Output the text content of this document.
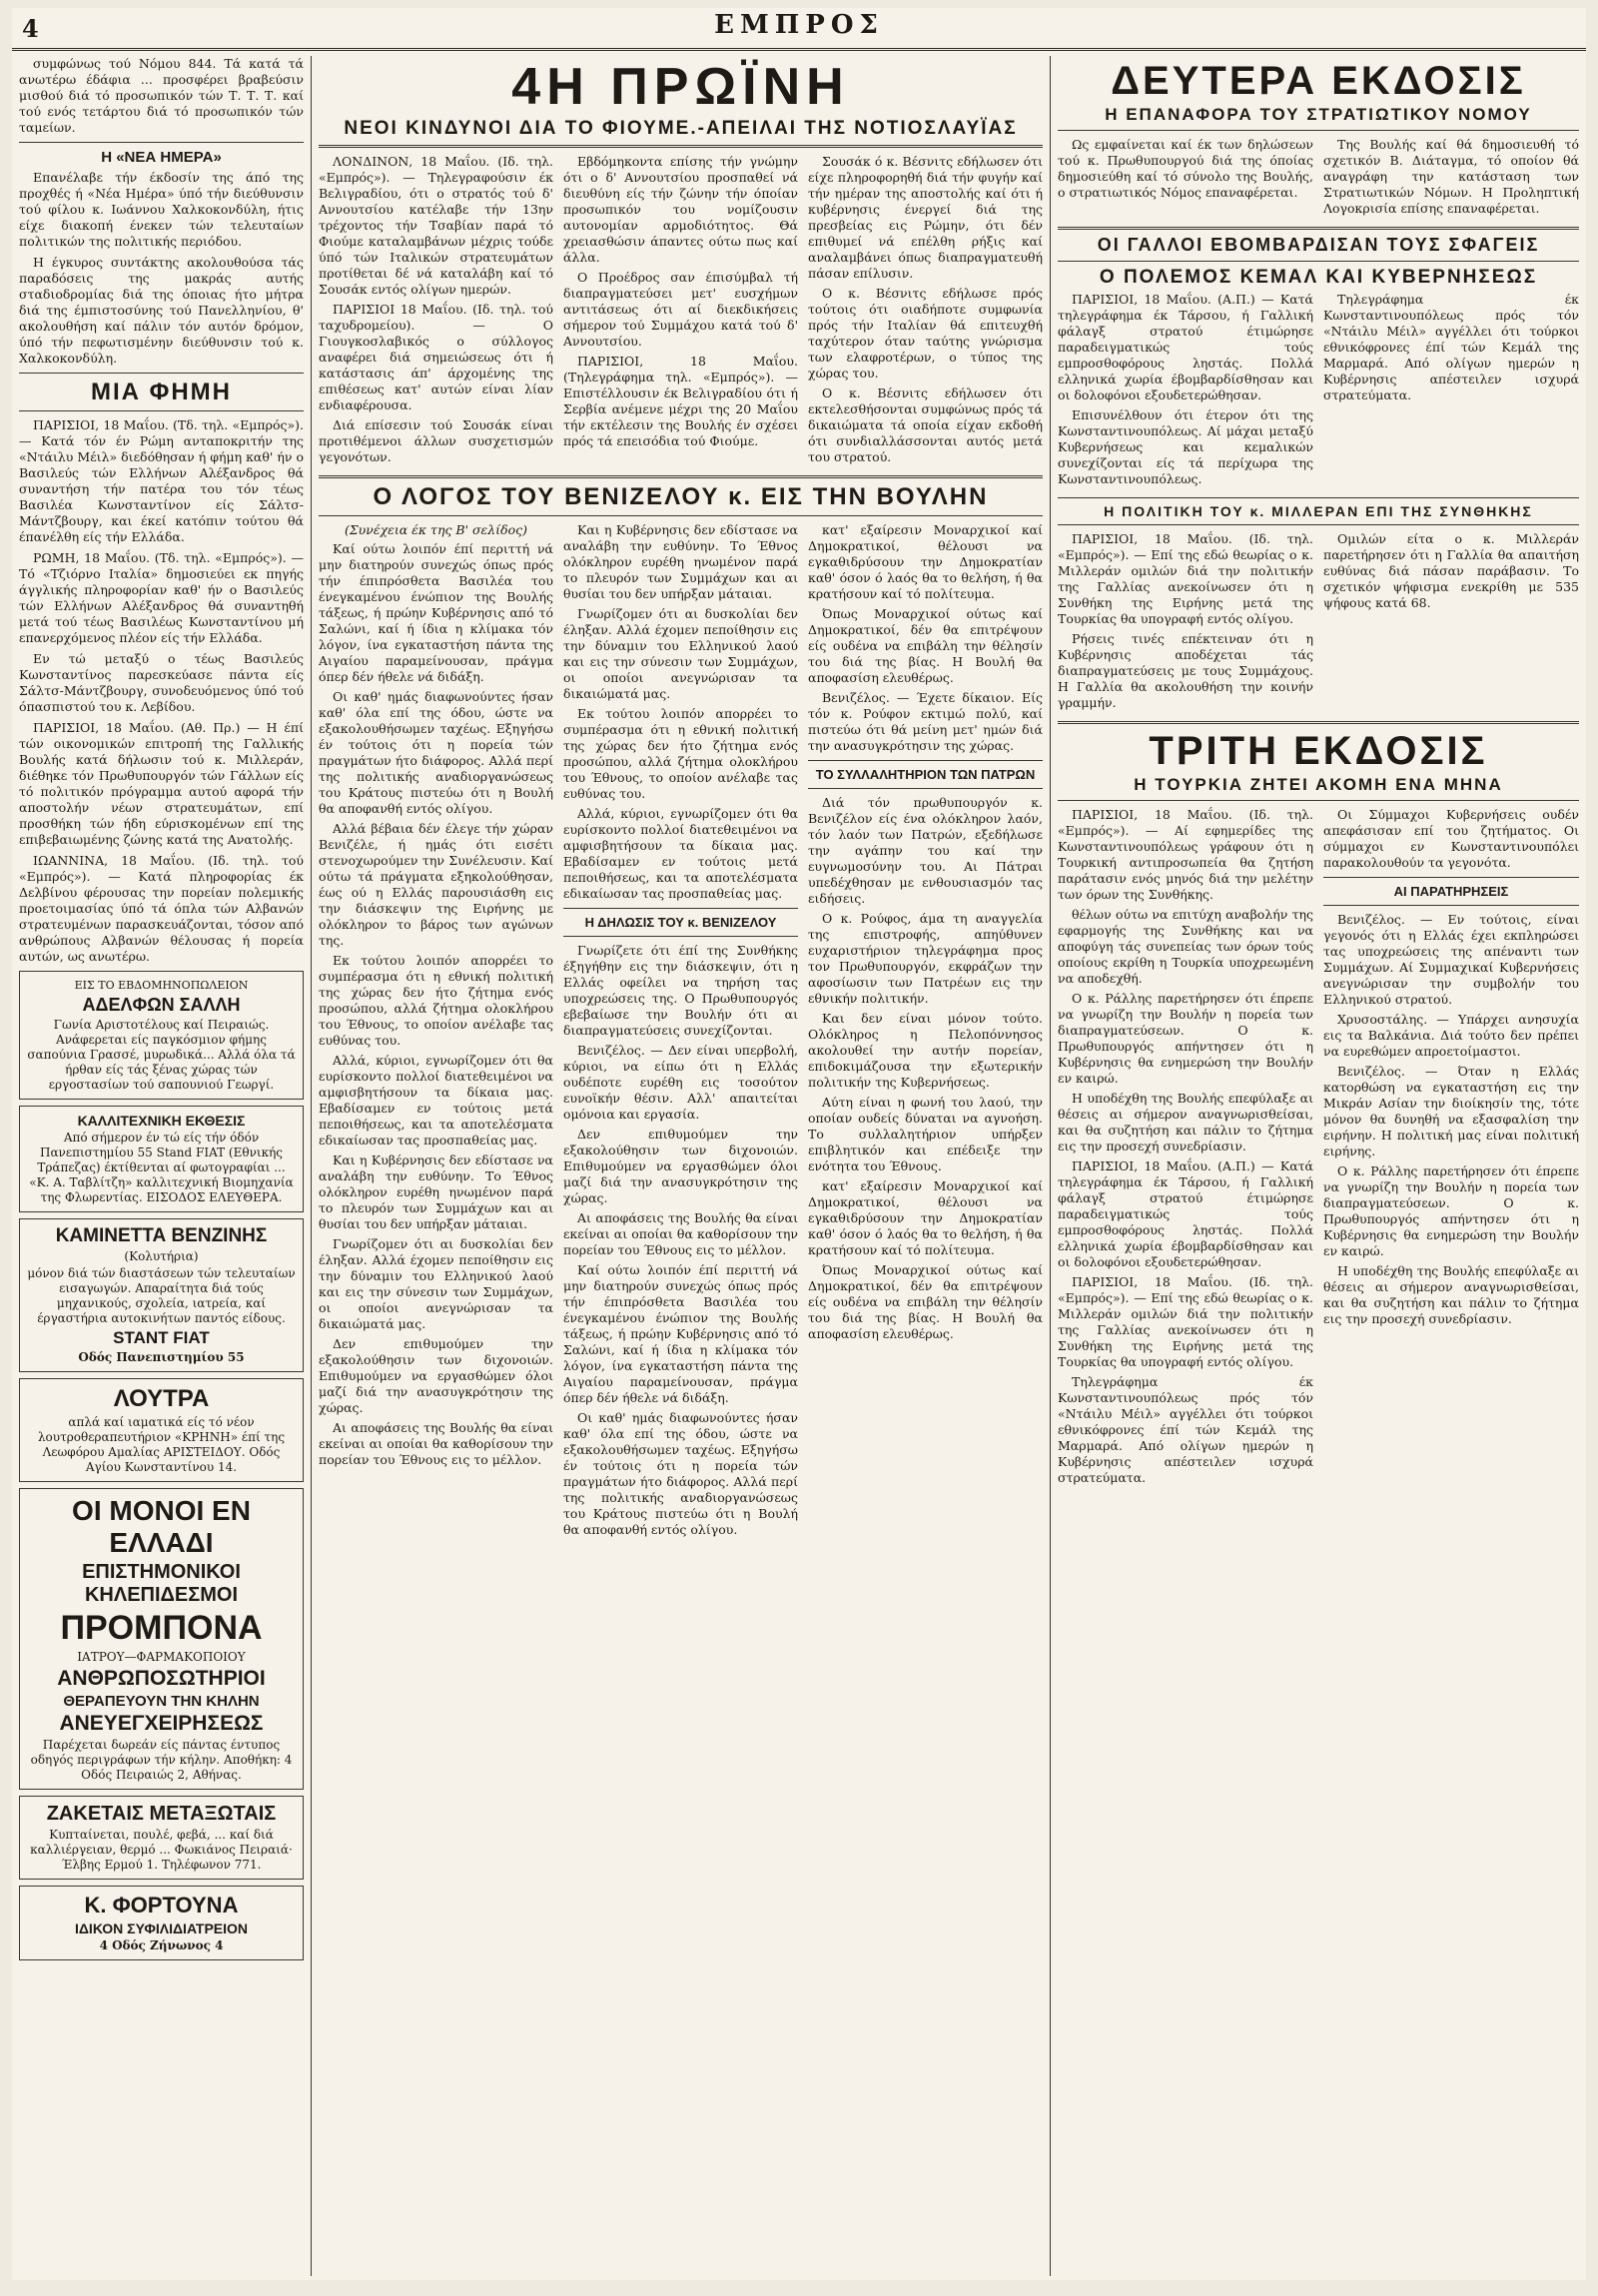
4	ΕΜΠΡΟΣ

συμφώνως τού Νόμου 844. Τά κατά τά ανωτέρω έδάφια ... προσφέρει βραβεύσιν μισθού διά τό προσωπικόν τών Τ. Τ. Τ. καί τού ενός τετάρτου διά τό προσωπικόν τών ταμείων.

Η «ΝΕΑ ΗΜΕΡΑ»

Επανέλαβε τήν έκδοσίν της άπό της προχθές ή «Νέα Ημέρα» ύπό τήν διεύθυνσιν τού φίλου κ. Ιωάννου Χαλκοκονδύλη, ήτις είχε διακοπή ένεκεν τών τελευταίων πολιτικών της πολιτικής περιόδου.

Η έγκυρος συντάκτης ακολουθούσα τάς παραδόσεις της μακράς αυτής σταδιοδρομίας διά της όποιας ήτο μήτρα διά της έμπιστοσύνης τού Πανελληνίου, θ' ακολουθήση καί πάλιν τόν αυτόν δρόμον, ύπό τήν πεφωτισμένην διεύθυνσιν τού κ. Χαλκοκονδύλη.

ΜΙΑ ΦΗΜΗ

ΠΑΡΙΣΙΟΙ, 18 Μαΐου. (Τδ. τηλ. «Εμπρός»). — Κατά τόν έν Ρώμη ανταποκριτήν της «Ντάιλυ Μέιλ» διεδόθησαν ή φήμη καθ' ήν ο Βασιλεύς τών Ελλήνων Αλέξανδρος θά συναντήση τήν πατέρα του τόν τέως Βασιλέα Κωνσταντίνον είς Σάλτσ-Μάντζβουργ, και έκεί κατόπιν τούτου θά έπανέλθη είς τήν Ελλάδα.

ΡΩΜΗ, 18 Μαΐου. (Τδ. τηλ. «Εμπρός»). — Τό «Τζιόρνο Ιταλία» δημοσιεύει εκ πηγής άγγλικής πληροφορίαν καθ' ήν ο Βασιλεύς τών Ελλήνων Αλέξανδρος θά συναντηθή μετά τού τέως Βασιλέως Κωνσταντίνου μή επανερχόμενος πλέον είς τήν Ελλάδα.

Εν τώ μεταξύ ο τέως Βασιλεύς Κωνσταντίνος παρεσκεύασε πάντα είς Σάλτσ-Μάντζβουργ, συνοδευόμενος ύπό τού όπασπιστού του κ. Λεβίδου.

ΠΑΡΙΣΙΟΙ, 18 Μαΐου. (Αθ. Πρ.) — Η έπί τών οικονομικών επιτροπή της Γαλλικής Βουλής κατά δήλωσιν τού κ. Μιλλεράν, διέθηκε τόν Πρωθυπουργόν τών Γάλλων είς τό πολιτικόν πρόγραμμα αυτού αφορά τήν αποστολήν νέων στρατευμάτων, επί προσθήκη τών ήδη εύρισκομένων επί της επιβεβαιωμένης ζώνης κατά της Ανατολής.

ΙΩΑΝΝΙΝΑ, 18 Μαΐου. (Ιδ. τηλ. τού «Εμπρός»). — Κατά πληροφορίας έκ Δελβίνου φέρουσας την πορείαν πολεμικής προετοιμασίας ύπό τά όπλα τών Αλβανών στρατευμένων παρασκευάζονται, τόσον από ανθρώπους Αλβανών θέλουσας ή πορεία αυτών, ως ανωτέρω.

ΕΙΣ ΤΟ ΕΒΔΟΜΗΝΟΠΩΛΕΙΟΝ
ΑΔΕΛΦΩΝ ΣΑΛΛΗ
Γωνία Αριστοτέλους καί Πειραιώς. Ανάφερεται είς παγκόσμιον φήμης σαπούνια Γρασσέ, μυρωδικά... Αλλά όλα τά ήρθαν είς τάς ξένας χώρας τών εργοστασίων τού σαπουνιού Γεωργί.
ΚΑΛΛΙΤΕΧΝΙΚΗ ΕΚΘΕΣΙΣ
Από σήμερον έν τώ είς τήν όδόν Πανεπιστημίου 55 Stand FIAT (Εθνικής Τράπεζας) έκτίθενται αί φωτογραφίαι ... «Κ. Α. Ταβλίτζη» καλλιτεχνική Βιομηχανία της Φλωρεντίας. ΕΙΣΟΔΟΣ ΕΛΕΥΘΕΡΑ.
ΚΑΜΙΝΕΤΤΑ ΒΕΝΖΙΝΗΣ
(Κολυτήρια)
μόνον διά τών διαστάσεων τών τελευταίων εισαγωγών. Απαραίτητα διά τούς μηχανικούς, σχολεία, ιατρεία, καί έργαστήρια αυτοκινήτων παντός είδους.
STANT FIAT
Οδός Πανεπιστημίου 55
ΛΟΥΤΡΑ
απλά καί ιαματικά είς τό νέον λουτροθεραπευτήριον «ΚΡΗΝΗ» έπί της Λεωφόρου Αμαλίας ΑΡΙΣΤΕΙΔΟΥ. Οδός Αγίου Κωνσταντίνου 14.
ΟΙ ΜΟΝΟΙ ΕΝ ΕΛΛΑΔΙ
ΕΠΙΣΤΗΜΟΝΙΚΟΙ ΚΗΛΕΠΙΔΕΣΜΟΙ
ΠΡΟΜΠΟΝΑ
ΙΑΤΡΟΥ—ΦΑΡΜΑΚΟΠΟΙΟΥ
ΑΝΘΡΩΠΟΣΩΤΗΡΙΟΙ
ΘΕΡΑΠΕΥΟΥΝ ΤΗΝ ΚΗΛΗΝ
ΑΝΕΥΕΓΧΕΙΡΗΣΕΩΣ
Παρέχεται δωρεάν είς πάντας έντυπος οδηγός περιγράφων τήν κήλην. Αποθήκη: 4 Οδός Πειραιώς 2, Αθήνας.
ΖΑΚΕΤΑΙΣ ΜΕΤΑΞΩΤΑΙΣ
Κυπταίνεται, πουλέ, φεβά, ... καί διά καλλιέργειαν, θερμό ... Φωκιάνος Πειραιά· Έλβης Ερμού 1. Τηλέφωνον 771.
Κ. ΦΟΡΤΟΥΝΑ
ΙΔΙΚΟΝ ΣΥΦΙΛΙΔΙΑΤΡΕΙΟΝ
4 Οδός Ζήνωνος 4
4Η ΠΡΩΪΝΗ
ΝΕΟΙ ΚΙΝΔΥΝΟΙ ΔΙΑ ΤΟ ΦΙΟΥΜΕ.-ΑΠΕΙΛΑΙ ΤΗΣ ΝΟΤΙΟΣΛΑΥΪΑΣ

ΛΟΝΔΙΝΟΝ, 18 Μαΐου. (Ιδ. τηλ. «Εμπρός»). — Τηλεγραφούσιν έκ Βελιγραδίου, ότι ο στρατός τού δ' Αννουτσίου κατέλαβε τήν 13ην τρέχοντος τήν Τσαβίαν παρά τό Φιούμε καταλαμβάνων μέχρις τούδε ύπό τών Ιταλικών στρατευμάτων προτίθεται δέ νά καταλάβη καί τό Σουσάκ εντός ολίγων ημερών.

ΠΑΡΙΣΙΟΙ 18 Μαΐου. (Ιδ. τηλ. τού ταχυδρομείου). — Ο Γιουγκοσλαβικός ο σύλλογος αναφέρει διά σημειώσεως ότι ή κατάστασις άπ' άρχομένης της επιθέσεως κατ' αυτών είναι λίαν ενδιαφέρουσα.

Διά επίσεσιν τού Σουσάκ είναι προτιθέμενοι άλλων συσχετισμών γεγονότων.

Εβδόμηκοντα επίσης τήν γνώμην ότι ο δ' Αννουτσίου προσπαθεί νά διευθύνη είς τήν ζώνην τήν όποίαν προσωπικόν του νομίζουσιν αυτονομίαν αρμοδιότητος. Θά χρειασθώσιν άπαντες ούτω πως καί άλλα.

Ο Προέδρος σαν έπισύμβαλ τή διαπραγματεύσει μετ' ευσχήμων αντιτάσεως ότι αί διεκδικήσεις σήμερον τού Συμμάχου κατά τού δ' Αννουτσίου.

ΠΑΡΙΣΙΟΙ, 18 Μαΐου. (Τηλεγράφημα τηλ. «Εμπρός»). — Επιστέλλουσιν έκ Βελιγραδίου ότι ή Σερβία ανέμενε μέχρι της 20 Μαΐου τήν εκτέλεσιν της Βουλής έν σχέσει πρός τά επεισόδια τού Φιούμε.

Σουσάκ ό κ. Βέσνιτς εδήλωσεν ότι είχε πληροφορηθή διά τήν φυγήν καί τήν ημέραν της αποστολής καί ότι ή κυβέρνησις ένεργεί διά της πρεσβείας εις Ρώμην, ότι δέν επιθυμεί νά επέλθη ρήξις καί αναλαμβάνει όπως διαπραγματευθή πάσαν επίλυσιν.

Ο κ. Βέσνιτς εδήλωσε πρός τούτοις ότι οιαδήποτε συμφωνία πρός τήν Ιταλίαν θά επιτευχθή ταχύτερον όταν ταύτης γνώρισμα των ελαφροτέρων, ο τύπος της χώρας του.

Ο κ. Βέσνιτς εδήλωσεν ότι εκτελεσθήσονται συμφώνως πρός τά δικαιώματα τά οποία είχαν εκδοθή ότι συνδιαλλάσσονται αυτός μετά του στρατού.

Ο ΛΟΓΟΣ ΤΟΥ ΒΕΝΙΖΕΛΟΥ κ. ΕΙΣ ΤΗΝ ΒΟΥΛΗΝ
(Συνέχεια έκ της Β' σελίδος)

Καί ούτω λοιπόν έπί περιττή νά μην διατηρούν συνεχώς όπως πρός τήν έπιπρόσθετα Βασιλέα του ένεγκαμένου ένώπιον της Βουλής τάξεως, ή πρώην Κυβέρνησις από τό Σαλώνι, καί ή ίδια η κλίμακα τόν λόγον, ίνα εγκαταστήση πάντα της Αιγαίου παραμείνουσαν, πράγμα όπερ δέν ήθελε νά διδάξη.

Οι καθ' ημάς διαφωνούντες ήσαν καθ' όλα επί της όδου, ώστε να εξακολουθήσωμεν ταχέως. Εξηγήσω έν τούτοις ότι η πορεία τών πραγμάτων ήτο διάφορος. Αλλά περί της πολιτικής αναδιοργανώσεως του Κράτους πιστεύω ότι η Βουλή θα αποφανθή εντός ολίγου.

Αλλά βέβαια δέν έλεγε τήν χώραν Βενιζέλε, ή ημάς ότι εισέτι στενοχωρούμεν την Συνέλευσιν. Καί ούτω τά πράγματα εξηκολούθησαν, έως ού η Ελλάς παρουσιάσθη εις την διάσκεψιν της Ειρήνης με ολόκληρον το βάρος των αγώνων της.

Εκ τούτου λοιπόν απορρέει το συμπέρασμα ότι η εθνική πολιτική της χώρας δεν ήτο ζήτημα ενός προσώπου, αλλά ζήτημα ολοκλήρου του Έθνους, το οποίον ανέλαβε τας ευθύνας του.

Αλλά, κύριοι, εγνωρίζομεν ότι θα ευρίσκοντο πολλοί διατεθειμένοι να αμφισβητήσουν τα δίκαια μας. Εβαδίσαμεν εν τούτοις μετά πεποιθήσεως, και τα αποτελέσματα εδικαίωσαν τας προσπαθείας μας.

Και η Κυβέρνησις δεν εδίστασε να αναλάβη την ευθύνην. Το Έθνος ολόκληρον ευρέθη ηνωμένον παρά το πλευρόν των Συμμάχων και αι θυσίαι του δεν υπήρξαν μάταιαι.

Γνωρίζομεν ότι αι δυσκολίαι δεν έληξαν. Αλλά έχομεν πεποίθησιν εις την δύναμιν του Ελληνικού λαού και εις την σύνεσιν των Συμμάχων, οι οποίοι ανεγνώρισαν τα δικαιώματά μας.

Δεν επιθυμούμεν την εξακολούθησιν των διχονοιών. Επιθυμούμεν να εργασθώμεν όλοι μαζί διά την ανασυγκρότησιν της χώρας.

Αι αποφάσεις της Βουλής θα είναι εκείναι αι οποίαι θα καθορίσουν την πορείαν του Έθνους εις το μέλλον.

Και η Κυβέρνησις δεν εδίστασε να αναλάβη την ευθύνην. Το Έθνος ολόκληρον ευρέθη ηνωμένον παρά το πλευρόν των Συμμάχων και αι θυσίαι του δεν υπήρξαν μάταιαι.

Γνωρίζομεν ότι αι δυσκολίαι δεν έληξαν. Αλλά έχομεν πεποίθησιν εις την δύναμιν του Ελληνικού λαού και εις την σύνεσιν των Συμμάχων, οι οποίοι ανεγνώρισαν τα δικαιώματά μας.

Εκ τούτου λοιπόν απορρέει το συμπέρασμα ότι η εθνική πολιτική της χώρας δεν ήτο ζήτημα ενός προσώπου, αλλά ζήτημα ολοκλήρου του Έθνους, το οποίον ανέλαβε τας ευθύνας του.

Αλλά, κύριοι, εγνωρίζομεν ότι θα ευρίσκοντο πολλοί διατεθειμένοι να αμφισβητήσουν τα δίκαια μας. Εβαδίσαμεν εν τούτοις μετά πεποιθήσεως, και τα αποτελέσματα εδικαίωσαν τας προσπαθείας μας.

Η ΔΗΛΩΣΙΣ ΤΟΥ κ. ΒΕΝΙΖΕΛΟΥ

Γνωρίζετε ότι έπί της Συνθήκης έξηγήθην εις την διάσκεψιν, ότι η Ελλάς οφείλει να τηρήση τας υποχρεώσεις της. Ο Πρωθυπουργός εβεβαίωσε την Βουλήν ότι αι διαπραγματεύσεις συνεχίζονται.

Βενιζέλος. — Δεν είναι υπερβολή, κύριοι, να είπω ότι η Ελλάς ουδέποτε ευρέθη εις τοσούτον ευνοϊκήν θέσιν. Αλλ' απαιτείται ομόνοια και εργασία.

Δεν επιθυμούμεν την εξακολούθησιν των διχονοιών. Επιθυμούμεν να εργασθώμεν όλοι μαζί διά την ανασυγκρότησιν της χώρας.

Αι αποφάσεις της Βουλής θα είναι εκείναι αι οποίαι θα καθορίσουν την πορείαν του Έθνους εις το μέλλον.

Καί ούτω λοιπόν έπί περιττή νά μην διατηρούν συνεχώς όπως πρός τήν έπιπρόσθετα Βασιλέα του ένεγκαμένου ένώπιον της Βουλής τάξεως, ή πρώην Κυβέρνησις από τό Σαλώνι, καί ή ίδια η κλίμακα τόν λόγον, ίνα εγκαταστήση πάντα της Αιγαίου παραμείνουσαν, πράγμα όπερ δέν ήθελε νά διδάξη.

Οι καθ' ημάς διαφωνούντες ήσαν καθ' όλα επί της όδου, ώστε να εξακολουθήσωμεν ταχέως. Εξηγήσω έν τούτοις ότι η πορεία τών πραγμάτων ήτο διάφορος. Αλλά περί της πολιτικής αναδιοργανώσεως του Κράτους πιστεύω ότι η Βουλή θα αποφανθή εντός ολίγου.

κατ' εξαίρεσιν Μοναρχικοί καί Δημοκρατικοί, θέλουσι να εγκαθιδρύσουν την Δημοκρατίαν καθ' όσον ό λαός θα το θελήση, ή θα κρατήσουν καί τό πολίτευμα.

Όπως Μοναρχικοί ούτως καί Δημοκρατικοί, δέν θα επιτρέψουν είς ουδένα να επιβάλη την θέλησίν του διά της βίας. Η Βουλή θα αποφασίση ελευθέρως.

Βενιζέλος. — Έχετε δίκαιον. Είς τόν κ. Ρούφον εκτιμώ πολύ, καί πιστεύω ότι θά μείνη μετ' ημών διά την ανασυγκρότησιν της χώρας.

ΤΟ ΣΥΛΛΑΛΗΤΗΡΙΟΝ ΤΩΝ ΠΑΤΡΩΝ

Διά τόν πρωθυπουργόν κ. Βενιζέλον είς ένα ολόκληρον λαόν, τόν λαόν των Πατρών, εξεδήλωσε την αγάπην του καί την ευγνωμοσύνην του. Αι Πάτραι υπεδέχθησαν με ενθουσιασμόν τας ειδήσεις.

Ο κ. Ρούφος, άμα τη αναγγελία της επιστροφής, απηύθυνεν ευχαριστήριον τηλεγράφημα προς τον Πρωθυπουργόν, εκφράζων την αφοσίωσιν των Πατρέων εις την εθνικήν πολιτικήν.

Και δεν είναι μόνον τούτο. Ολόκληρος η Πελοπόννησος ακολουθεί την αυτήν πορείαν, επιδοκιμάζουσα την εξωτερικήν πολιτικήν της Κυβερνήσεως.

Αύτη είναι η φωνή του λαού, την οποίαν ουδείς δύναται να αγνοήση. Το συλλαλητήριον υπήρξεν επιβλητικόν και επέδειξε την ενότητα του Έθνους.

κατ' εξαίρεσιν Μοναρχικοί καί Δημοκρατικοί, θέλουσι να εγκαθιδρύσουν την Δημοκρατίαν καθ' όσον ό λαός θα το θελήση, ή θα κρατήσουν καί τό πολίτευμα.

Όπως Μοναρχικοί ούτως καί Δημοκρατικοί, δέν θα επιτρέψουν είς ουδένα να επιβάλη την θέλησίν του διά της βίας. Η Βουλή θα αποφασίση ελευθέρως.

ΔΕΥΤΕΡΑ ΕΚΔΟΣΙΣ
Η ΕΠΑΝΑΦΟΡΑ ΤΟΥ ΣΤΡΑΤΙΩΤΙΚΟΥ ΝΟΜΟΥ

Ως εμφαίνεται καί έκ των δηλώσεων τού κ. Πρωθυπουργού διά της όποίας δημοσιεύθη καί τό σύνολο της Βουλής, ο στρατιωτικός Νόμος επαναφέρεται.

Της Βουλής καί θά δημοσιευθή τό σχετικόν Β. Διάταγμα, τό οποίον θά αναγράφη την κατάσταση των Στρατιωτικών Νόμων. Η Προληπτική Λογοκρισία επίσης επαναφέρεται.

ΟΙ ΓΑΛΛΟΙ ΕΒΟΜΒΑΡΔΙΣΑΝ ΤΟΥΣ ΣΦΑΓΕΙΣ
Ο ΠΟΛΕΜΟΣ ΚΕΜΑΛ ΚΑΙ ΚΥΒΕΡΝΗΣΕΩΣ

ΠΑΡΙΣΙΟΙ, 18 Μαΐου. (Α.Π.) — Κατά τηλεγράφημα έκ Τάρσου, ή Γαλλική φάλαγξ στρατού έτιμώρησε παραδειγματικώς τούς εμπροσθοφόρους ληστάς. Πολλά ελληνικά χωρία έβομβαρδίσθησαν και οι δολοφόνοι εξουδετερώθησαν.

Επισυνέλθουν ότι έτερον ότι της Κωνσταντινουπόλεως. Αί μάχαι μεταξύ Κυβερνήσεως και κεμαλικών συνεχίζονται είς τά περίχωρα της Κωνσταντινουπόλεως.

Τηλεγράφημα έκ Κωνσταντινουπόλεως πρός τόν «Ντάιλυ Μέιλ» αγγέλλει ότι τούρκοι εθνικόφρονες έπί τών Κεμάλ της Μαρμαρά. Από ολίγων ημερών η Κυβέρνησις απέστειλεν ισχυρά στρατεύματα.

Η ΠΟΛΙΤΙΚΗ ΤΟΥ κ. ΜΙΛΛΕΡΑΝ ΕΠΙ ΤΗΣ ΣΥΝΘΗΚΗΣ

ΠΑΡΙΣΙΟΙ, 18 Μαΐου. (Ιδ. τηλ. «Εμπρός»). — Επί της εδώ θεωρίας ο κ. Μιλλεράν ομιλών διά την πολιτικήν της Γαλλίας ανεκοίνωσεν ότι η Συνθήκη της Ειρήνης μετά της Τουρκίας θα υπογραφή εντός ολίγου.

Ρήσεις τινές επέκτειναν ότι η Κυβέρνησις αποδέχεται τάς διαπραγματεύσεις με τους Συμμάχους. Η Γαλλία θα ακολουθήση την κοινήν γραμμήν.

Ομιλών είτα ο κ. Μιλλεράν παρετήρησεν ότι η Γαλλία θα απαιτήση ευθύνας διά πάσαν παράβασιν. Το σχετικόν ψήφισμα ενεκρίθη με 535 ψήφους κατά 68.

ΤΡΙΤΗ ΕΚΔΟΣΙΣ
Η ΤΟΥΡΚΙΑ ΖΗΤΕΙ ΑΚΟΜΗ ΕΝΑ ΜΗΝΑ

ΠΑΡΙΣΙΟΙ, 18 Μαΐου. (Ιδ. τηλ. «Εμπρός»). — Αί εφημερίδες της Κωνσταντινουπόλεως γράφουν ότι η Τουρκική αντιπροσωπεία θα ζητήση παράτασιν ενός μηνός διά την μελέτην των όρων της Συνθήκης.

θέλων ούτω να επιτύχη αναβολήν της εφαρμογής της Συνθήκης και να αποφύγη τάς συνεπείας των όρων τούς οποίους εκρίθη η Τουρκία υποχρεωμένη να αποδεχθή.

Ο κ. Ράλλης παρετήρησεν ότι έπρεπε να γνωρίζη την Βουλήν η πορεία των διαπραγματεύσεων. Ο κ. Πρωθυπουργός απήντησεν ότι η Κυβέρνησις θα ενημερώση την Βουλήν εν καιρώ.

Η υποδέχθη της Βουλής επεφύλαξε αι θέσεις αι σήμερον αναγνωρισθείσαι, και θα συζητήση και πάλιν το ζήτημα εις την προσεχή συνεδρίασιν.

ΠΑΡΙΣΙΟΙ, 18 Μαΐου. (Α.Π.) — Κατά τηλεγράφημα έκ Τάρσου, ή Γαλλική φάλαγξ στρατού έτιμώρησε παραδειγματικώς τούς εμπροσθοφόρους ληστάς. Πολλά ελληνικά χωρία έβομβαρδίσθησαν και οι δολοφόνοι εξουδετερώθησαν.

ΠΑΡΙΣΙΟΙ, 18 Μαΐου. (Ιδ. τηλ. «Εμπρός»). — Επί της εδώ θεωρίας ο κ. Μιλλεράν ομιλών διά την πολιτικήν της Γαλλίας ανεκοίνωσεν ότι η Συνθήκη της Ειρήνης μετά της Τουρκίας θα υπογραφή εντός ολίγου.

Τηλεγράφημα έκ Κωνσταντινουπόλεως πρός τόν «Ντάιλυ Μέιλ» αγγέλλει ότι τούρκοι εθνικόφρονες έπί τών Κεμάλ της Μαρμαρά. Από ολίγων ημερών η Κυβέρνησις απέστειλεν ισχυρά στρατεύματα.

Οι Σύμμαχοι Κυβερνήσεις ουδέν απεφάσισαν επί του ζητήματος. Οι σύμμαχοι εν Κωνσταντινουπόλει παρακολουθούν τα γεγονότα.

ΑΙ ΠΑΡΑΤΗΡΗΣΕΙΣ

Βενιζέλος. — Εν τούτοις, είναι γεγονός ότι η Ελλάς έχει εκπληρώσει τας υποχρεώσεις της απέναντι των Συμμάχων. Αί Συμμαχικαί Κυβερνήσεις ανεγνώρισαν την συμβολήν του Ελληνικού στρατού.

Χρυσοστάλης. — Υπάρχει ανησυχία εις τα Βαλκάνια. Διά τούτο δεν πρέπει να ευρεθώμεν απροετοίμαστοι.

Βενιζέλος. — Όταν η Ελλάς κατορθώση να εγκαταστήση εις την Μικράν Ασίαν την διοίκησίν της, τότε μόνον θα δυνηθή να εξασφαλίση την ειρήνην. Η πολιτική μας είναι πολιτική ειρήνης.

Ο κ. Ράλλης παρετήρησεν ότι έπρεπε να γνωρίζη την Βουλήν η πορεία των διαπραγματεύσεων. Ο κ. Πρωθυπουργός απήντησεν ότι η Κυβέρνησις θα ενημερώση την Βουλήν εν καιρώ.

Η υποδέχθη της Βουλής επεφύλαξε αι θέσεις αι σήμερον αναγνωρισθείσαι, και θα συζητήση και πάλιν το ζήτημα εις την προσεχή συνεδρίασιν.
